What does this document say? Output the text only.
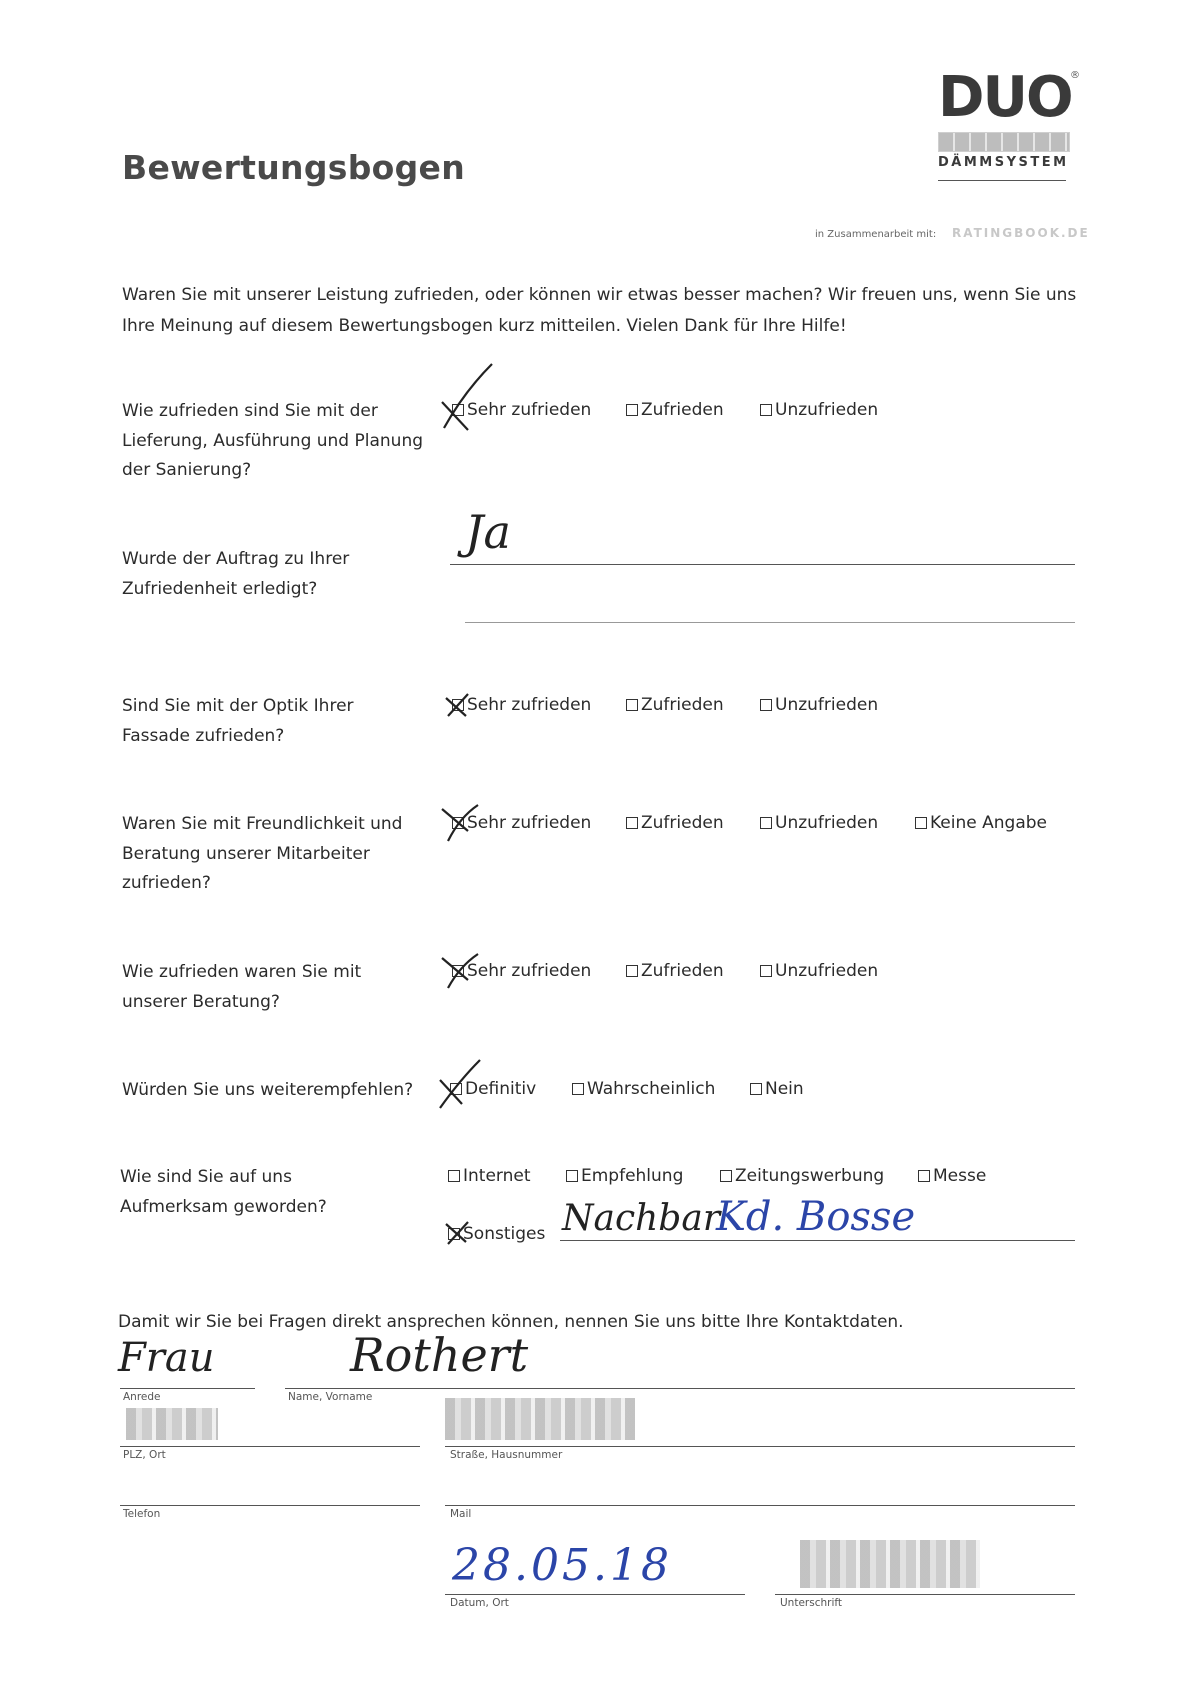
Bewertungsbogen
DUO
®
DÄMMSYSTEM
in Zusammenarbeit mit: RATINGBOOK.DE
Waren Sie mit unserer Leistung zufrieden, oder können wir etwas besser machen? Wir freuen uns, wenn Sie uns Ihre Meinung auf diesem Bewertungsbogen kurz mitteilen. Vielen Dank für Ihre Hilfe!
Wie zufrieden sind Sie mit der Lieferung, Ausführung und Planung der Sanierung?
Sehr zufrieden	Zufrieden	Unzufrieden
Wurde der Auftrag zu Ihrer Zufriedenheit erledigt?
Ja
Sind Sie mit der Optik Ihrer Fassade zufrieden?
Sehr zufrieden	Zufrieden	Unzufrieden
Waren Sie mit Freundlichkeit und Beratung unserer Mitarbeiter zufrieden?
Sehr zufrieden	Zufrieden	Unzufrieden	Keine Angabe
Wie zufrieden waren Sie mit unserer Beratung?
Sehr zufrieden	Zufrieden	Unzufrieden
Würden Sie uns weiterempfehlen?	Definitiv	Wahrscheinlich	Nein
Wie sind Sie auf uns Aufmerksam geworden?
Internet	Empfehlung	Zeitungswerbung	Messe
Sonstiges Nachbar
Kd. Bosse
Damit wir Sie bei Fragen direkt ansprechen können, nennen Sie uns bitte Ihre Kontaktdaten.
Frau
Anrede
Rothert
Name, Vorname
PLZ, Ort	Straße, Hausnummer
Telefon	Mail
28.05.18
Datum, Ort	Unterschrift
